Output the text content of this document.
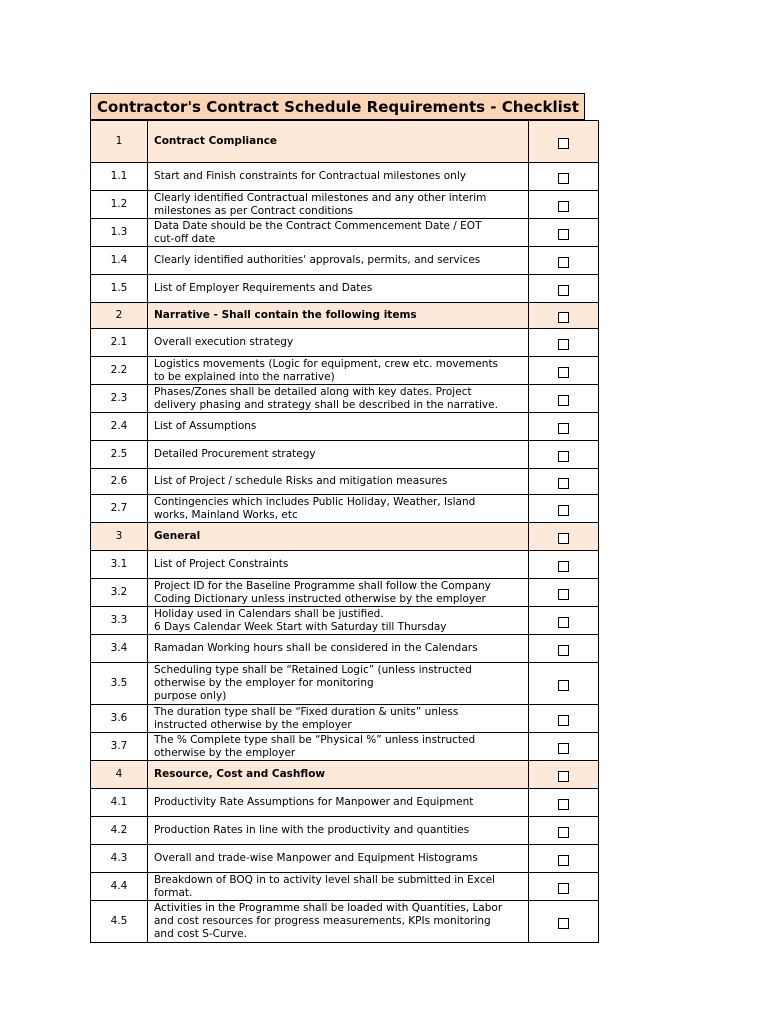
Contractor's Contract Schedule Requirements - Checklist
1	Contract Compliance	
1.1	Start and Finish constraints for Contractual milestones only	
1.2	Clearly identified Contractual milestones and any other interim
milestones as per Contract conditions	
1.3	Data Date should be the Contract Commencement Date / EOT
cut-off date	
1.4	Clearly identified authorities' approvals, permits, and services	
1.5	List of Employer Requirements and Dates	
2	Narrative - Shall contain the following items	
2.1	Overall execution strategy	
2.2	Logistics movements (Logic for equipment, crew etc. movements
to be explained into the narrative)	
2.3	Phases/Zones shall be detailed along with key dates. Project
delivery phasing and strategy shall be described in the narrative.	
2.4	List of Assumptions	
2.5	Detailed Procurement strategy	
2.6	List of Project / schedule Risks and mitigation measures	
2.7	Contingencies which includes Public Holiday, Weather, Island
works, Mainland Works, etc	
3	General	
3.1	List of Project Constraints	
3.2	Project ID for the Baseline Programme shall follow the Company
Coding Dictionary unless instructed otherwise by the employer	
3.3	Holiday used in Calendars shall be justified.
6 Days Calendar Week Start with Saturday till Thursday	
3.4	Ramadan Working hours shall be considered in the Calendars	
3.5	Scheduling type shall be “Retained Logic” (unless instructed
otherwise by the employer for monitoring
purpose only)	
3.6	The duration type shall be “Fixed duration & units” unless
instructed otherwise by the employer	
3.7	The % Complete type shall be “Physical %” unless instructed
otherwise by the employer	
4	Resource, Cost and Cashflow	
4.1	Productivity Rate Assumptions for Manpower and Equipment	
4.2	Production Rates in line with the productivity and quantities	
4.3	Overall and trade-wise Manpower and Equipment Histograms	
4.4	Breakdown of BOQ in to activity level shall be submitted in Excel
format.	
4.5	Activities in the Programme shall be loaded with Quantities, Labor
and cost resources for progress measurements, KPIs monitoring
and cost S-Curve.	
